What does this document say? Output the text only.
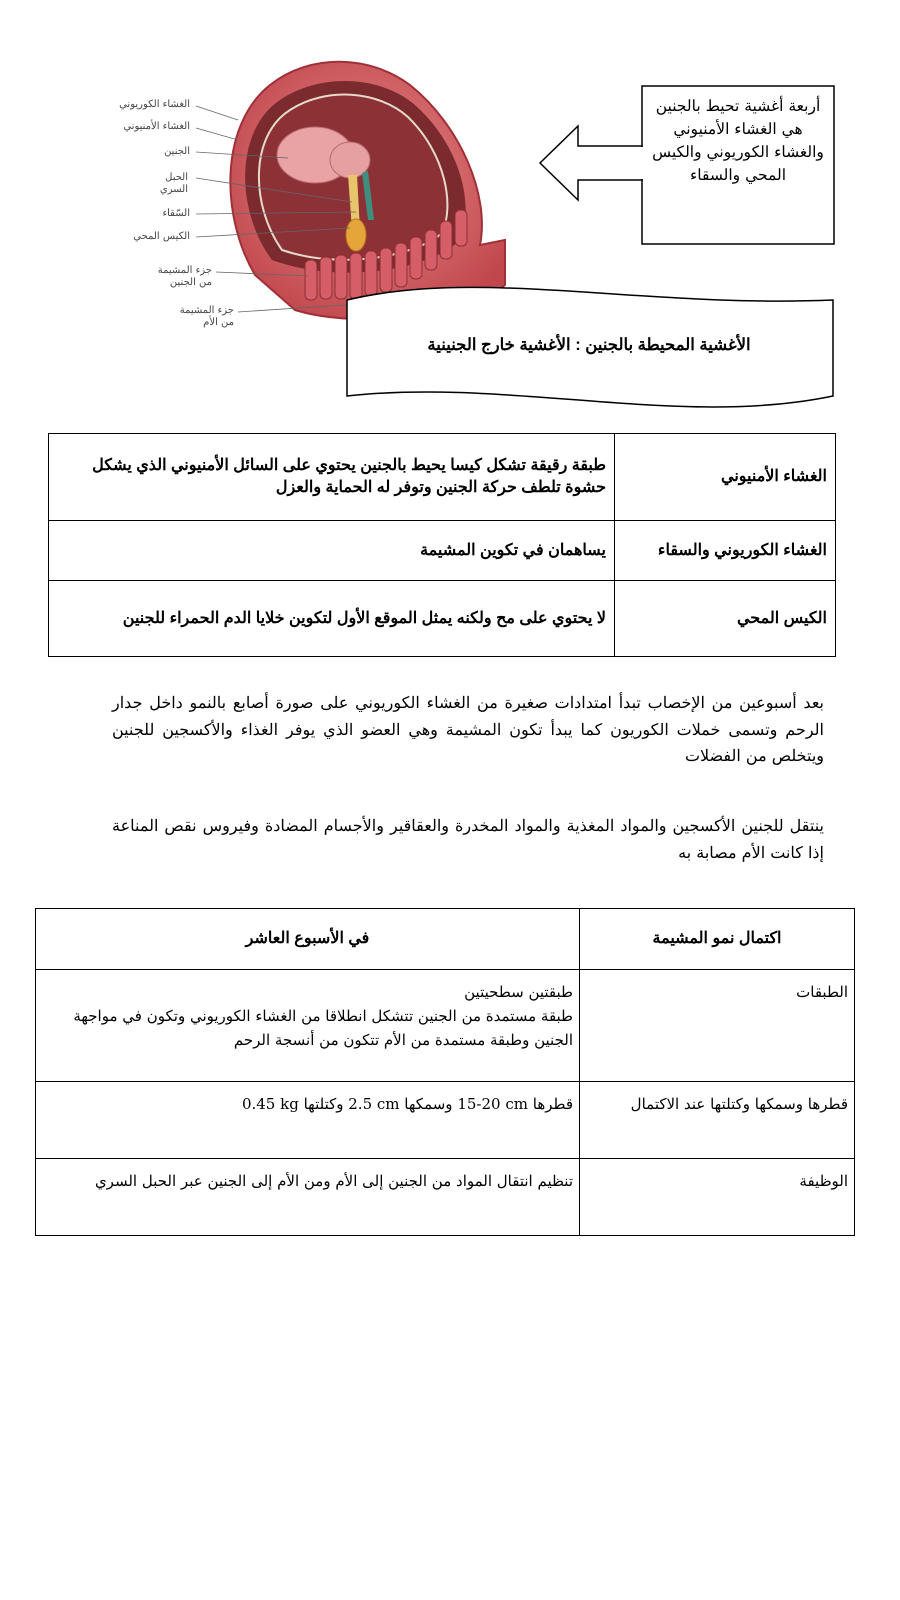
الغشاء الكوريوني
الغشاء الأمنيوني
الجنين
الحبل السري
السّقاء
الكيس المحي
جزء المشيمة من الجنين
جزء المشيمة من الأم
أربعة أغشية تحيط بالجنين هي الغشاء الأمنيوني والغشاء الكوريوني والكيس المحي والسقاء
الأغشية المحيطة بالجنين : الأغشية خارج الجنينية
الغشاء الأمنيوني	طبقة رقيقة تشكل كيسا يحيط بالجنين يحتوي على السائل الأمنيوني الذي يشكل حشوة تلطف حركة الجنين وتوفر له الحماية والعزل
الغشاء الكوريوني والسقاء	يساهمان في تكوين المشيمة
الكيس المحي	لا يحتوي على مح ولكنه يمثل الموقع الأول لتكوين خلايا الدم الحمراء للجنين
بعد أسبوعين من الإخصاب تبدأ امتدادات صغيرة من الغشاء الكوريوني على صورة أصابع بالنمو داخل جدار الرحم وتسمى خملات الكوريون كما يبدأ تكون المشيمة وهي العضو الذي يوفر الغذاء والأكسجين للجنين ويتخلص من الفضلات
ينتقل للجنين الأكسجين والمواد المغذية والمواد المخدرة والعقاقير والأجسام المضادة وفيروس نقص المناعة إذا كانت الأم مصابة به
اكتمال نمو المشيمة	في الأسبوع العاشر
الطبقات	طبقتين سطحيتين
طبقة مستمدة من الجنين تتشكل انطلاقا من الغشاء الكوريوني وتكون في مواجهة الجنين وطبقة مستمدة من الأم تتكون من أنسجة الرحم

قطرها وسمكها وكتلتها عند الاكتمال	قطرها 15-20 cm وسمكها 2.5 cm وكتلتها 0.45 kg
الوظيفة	تنظيم انتقال المواد من الجنين إلى الأم ومن الأم إلى الجنين عبر الحبل السري
